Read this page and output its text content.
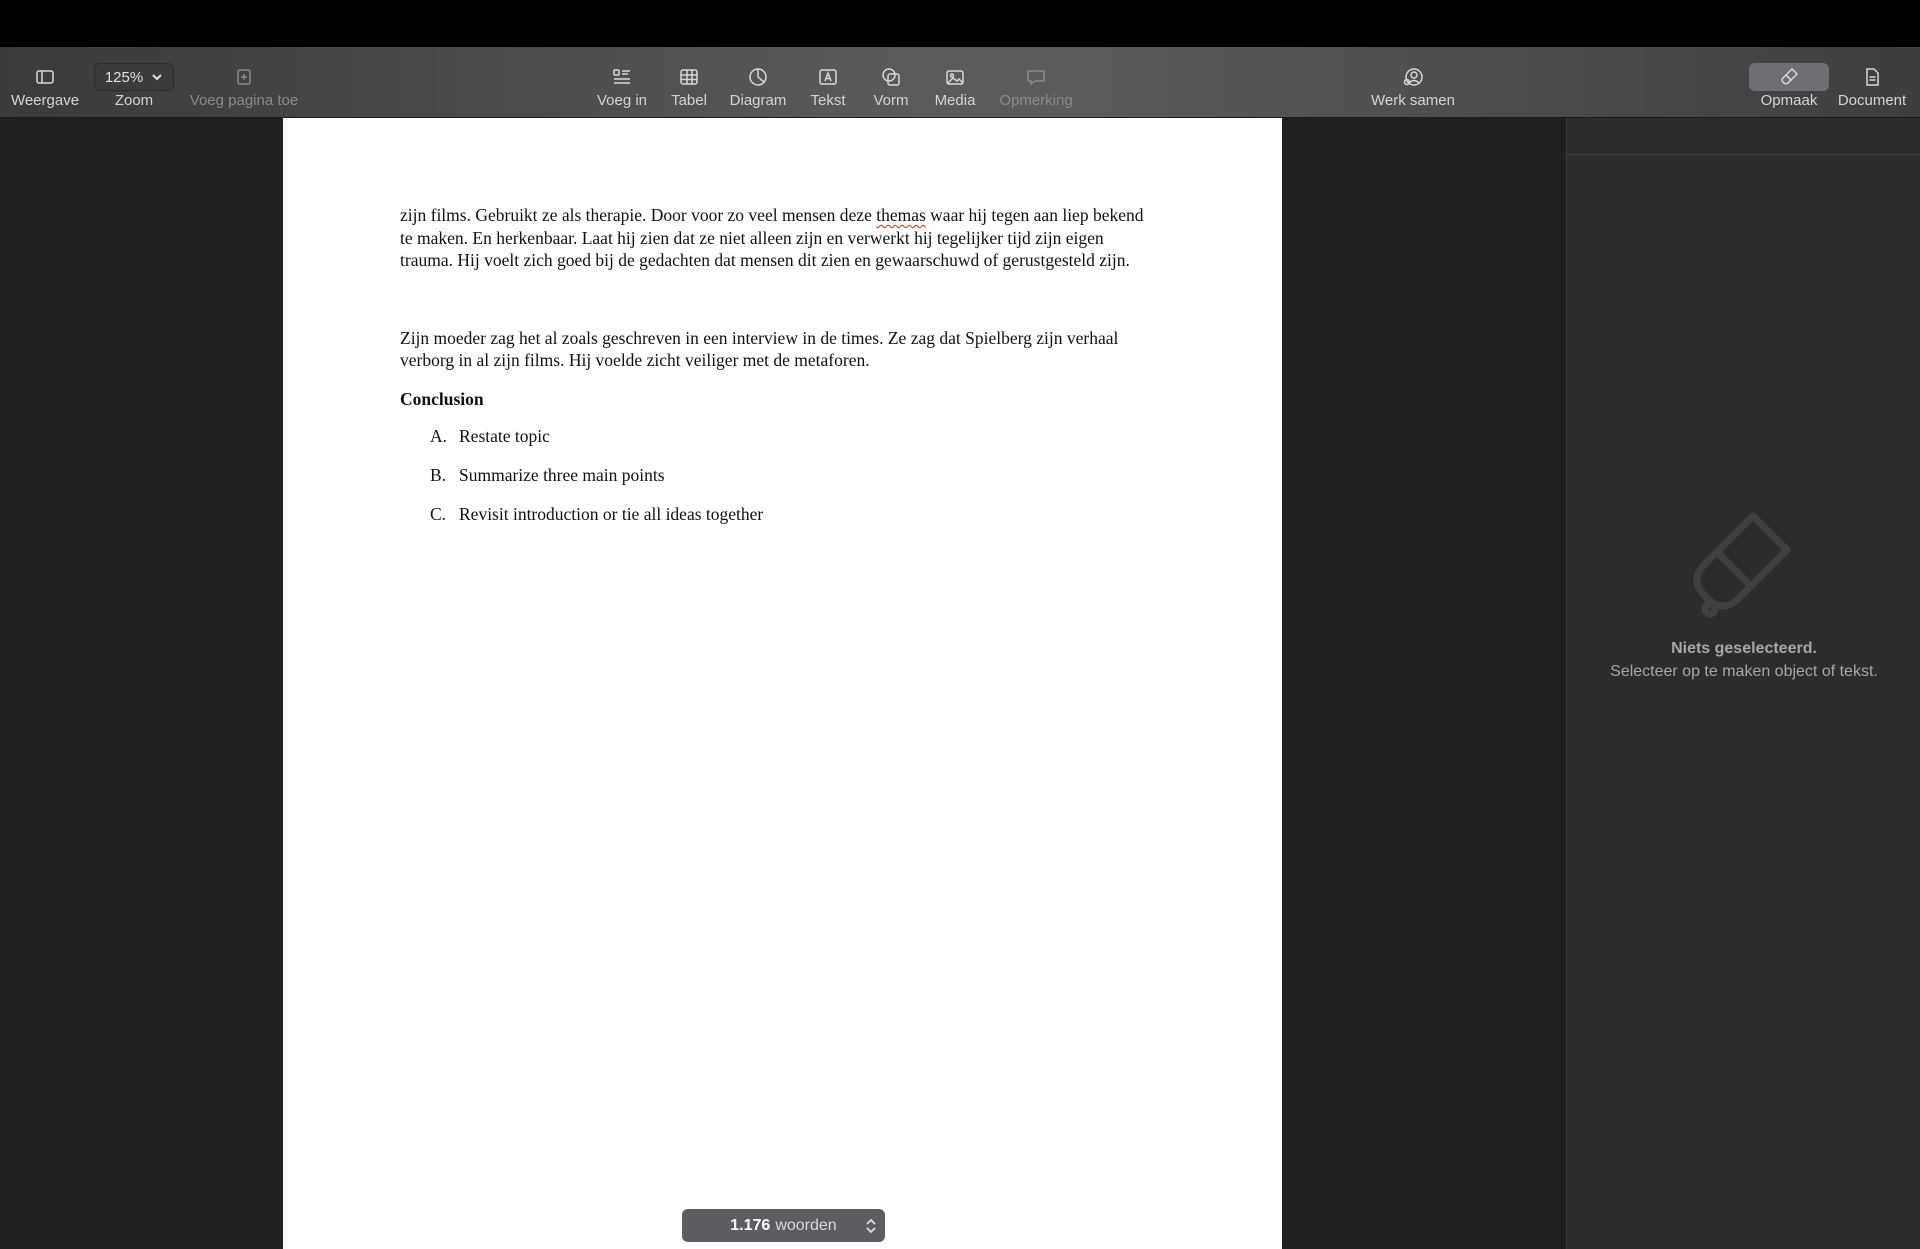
Weergave
125%
Zoom Voeg pagina toe	Voeg in Tabel Diagram Tekst Vorm Media Opmerking	Werk samen	Opmaak Document

zijn films. Gebruikt ze als therapie. Door voor zo veel mensen deze themas waar hij tegen aan liep bekend te maken. En herkenbaar. Laat hij zien dat ze niet alleen zijn en verwerkt hij tegelijker tijd zijn eigen trauma. Hij voelt zich goed bij de gedachten dat mensen dit zien en gewaarschuwd of gerustgesteld zijn.

Zijn moeder zag het al zoals geschreven in een interview in de times. Ze zag dat Spielberg zijn verhaal verborg in al zijn films. Hij voelde zicht veiliger met de metaforen.

Conclusion

A. Restate topic
B. Summarize three main points
C. Revisit introduction or tie all ideas together
1.176 woorden
Niets geselecteerd.
Selecteer op te maken object of tekst.
